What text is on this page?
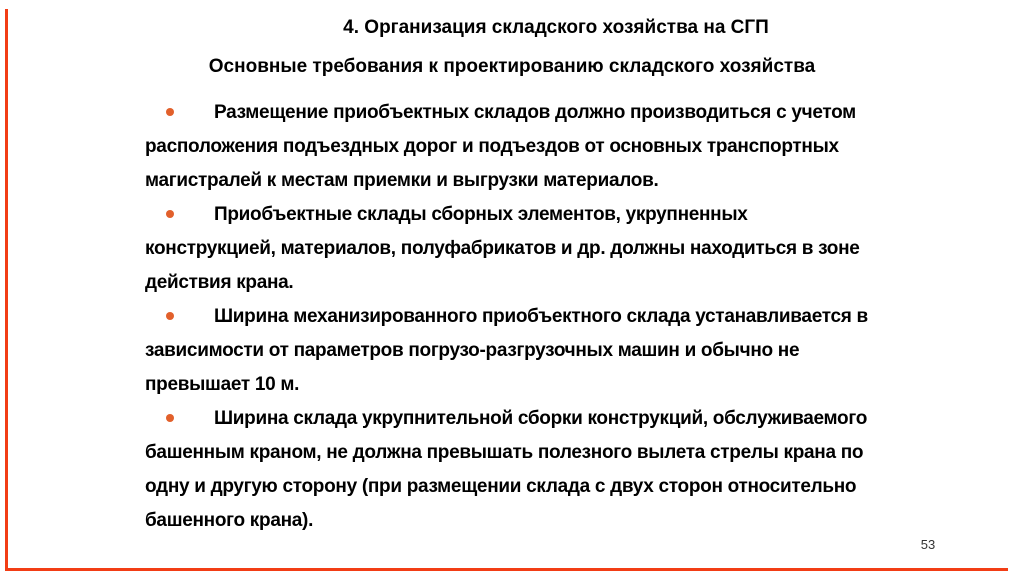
4. Организация складского хозяйства на СГП
Основные требования к проектированию складского хозяйства

Размещение приобъектных складов должно производиться с учетом расположения подъездных дорог и подъездов от основных транспортных магистралей к местам приемки и выгрузки материалов.

Приобъектные склады сборных элементов, укрупненных конструкцией, материалов, полуфабрикатов и др. должны находиться в зоне действия крана.

Ширина механизированного приобъектного склада устанавливается в зависимости от параметров погрузо-разгрузочных машин и обычно не превышает 10 м.

Ширина склада укрупнительной сборки конструкций, обслуживаемого башенным краном, не должна превышать полезного вылета стрелы крана по одну и другую сторону (при размещении склада с двух сторон относительно башенного крана).

53
